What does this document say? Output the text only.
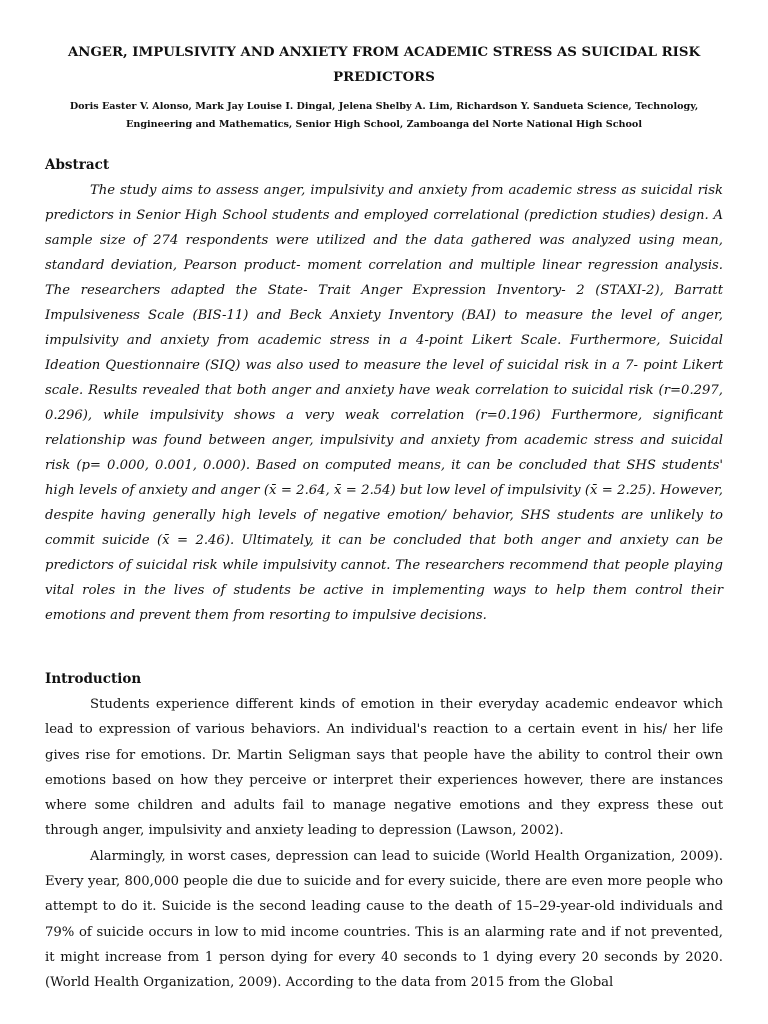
ANGER, IMPULSIVITY AND ANXIETY FROM ACADEMIC STRESS AS SUICIDAL RISK PREDICTORS

Doris Easter V. Alonso, Mark Jay Louise I. Dingal, Jelena Shelby A. Lim, Richardson Y. Sandueta Science, Technology, Engineering and Mathematics, Senior High School, Zamboanga del Norte National High School

Abstract

The study aims to assess anger, impulsivity and anxiety from academic stress as suicidal risk predictors in Senior High School students and employed correlational (prediction studies) design. A sample size of 274 respondents were utilized and the data gathered was analyzed using mean, standard deviation, Pearson product- moment correlation and multiple linear regression analysis. The researchers adapted the State- Trait Anger Expression Inventory- 2 (STAXI-2), Barratt Impulsiveness Scale (BIS-11) and Beck Anxiety Inventory (BAI) to measure the level of anger, impulsivity and anxiety from academic stress in a 4-point Likert Scale. Furthermore, Suicidal Ideation Questionnaire (SIQ) was also used to measure the level of suicidal risk in a 7- point Likert scale. Results revealed that both anger and anxiety have weak correlation to suicidal risk (r=0.297, 0.296), while impulsivity shows a very weak correlation (r=0.196) Furthermore, significant relationship was found between anger, impulsivity and anxiety from academic stress and suicidal risk (p= 0.000, 0.001, 0.000). Based on computed means, it can be concluded that SHS students' high levels of anxiety and anger (x̄ = 2.64, x̄ = 2.54) but low level of impulsivity (x̄ = 2.25). However, despite having generally high levels of negative emotion/ behavior, SHS students are unlikely to commit suicide (x̄ = 2.46). Ultimately, it can be concluded that both anger and anxiety can be predictors of suicidal risk while impulsivity cannot. The researchers recommend that people playing vital roles in the lives of students be active in implementing ways to help them control their emotions and prevent them from resorting to impulsive decisions.

Introduction

Students experience different kinds of emotion in their everyday academic endeavor which lead to expression of various behaviors. An individual's reaction to a certain event in his/ her life gives rise for emotions. Dr. Martin Seligman says that people have the ability to control their own emotions based on how they perceive or interpret their experiences however, there are instances where some children and adults fail to manage negative emotions and they express these out through anger, impulsivity and anxiety leading to depression (Lawson, 2002).

Alarmingly, in worst cases, depression can lead to suicide (World Health Organization, 2009). Every year, 800,000 people die due to suicide and for every suicide, there are even more people who attempt to do it. Suicide is the second leading cause to the death of 15–29-year-old individuals and 79% of suicide occurs in low to mid income countries. This is an alarming rate and if not prevented, it might increase from 1 person dying for every 40 seconds to 1 dying every 20 seconds by 2020. (World Health Organization, 2009). According to the data from 2015 from the Global
